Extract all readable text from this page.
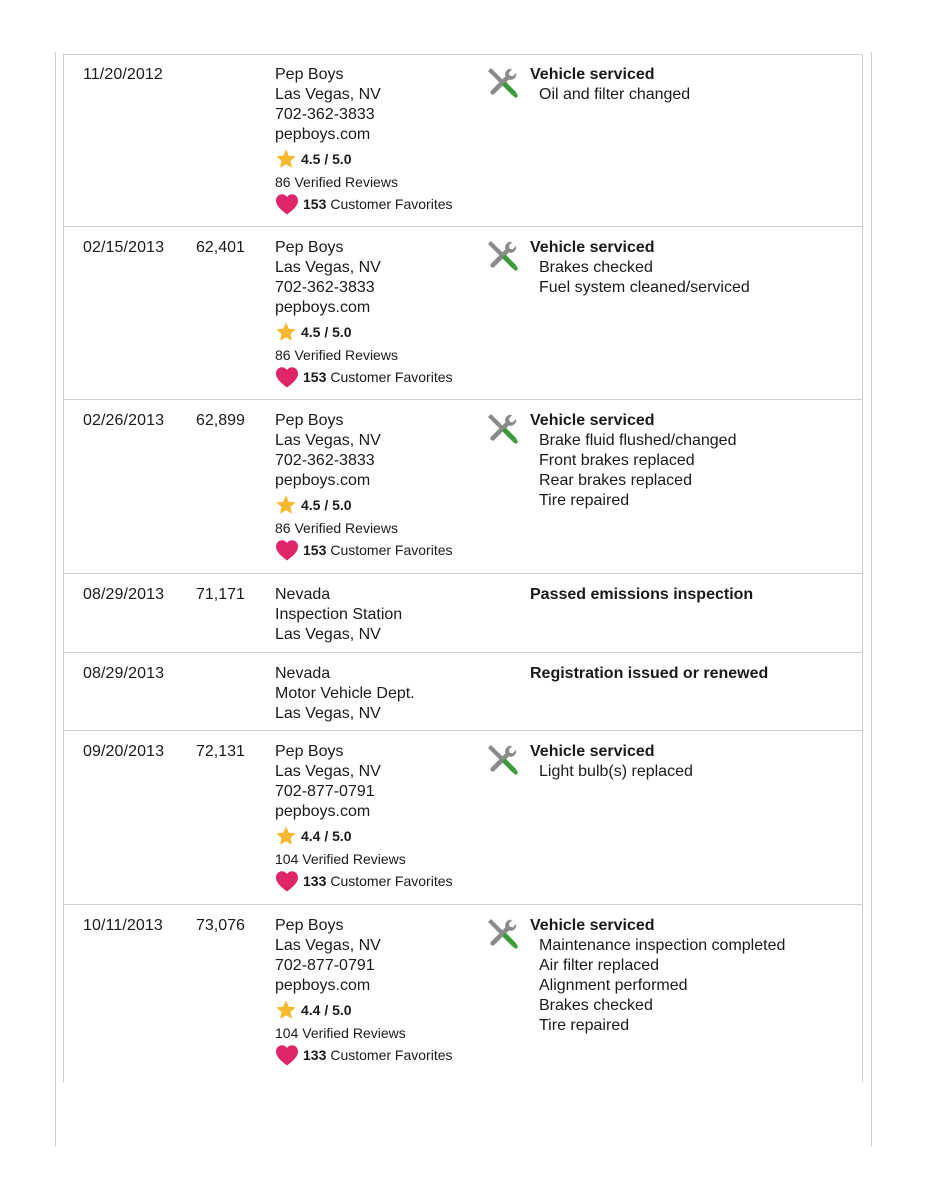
11/20/2012	Pep Boys
Las Vegas, NV
702-362-3833
pepboys.com
4.5 / 5.0
86 Verified Reviews
153 Customer Favorites
Vehicle serviced
Oil and filter changed
02/15/2013 62,401 Pep Boys
Las Vegas, NV
702-362-3833
pepboys.com
4.5 / 5.0
86 Verified Reviews
153 Customer Favorites
Vehicle serviced
Brakes checked
Fuel system cleaned/serviced
02/26/2013 62,899 Pep Boys
Las Vegas, NV
702-362-3833
pepboys.com
4.5 / 5.0
86 Verified Reviews
153 Customer Favorites
Vehicle serviced
Brake fluid flushed/changed
Front brakes replaced
Rear brakes replaced
Tire repaired
08/29/2013 71,171 Nevada
Inspection Station
Las Vegas, NV
Passed emissions inspection
08/29/2013	Nevada
Motor Vehicle Dept.
Las Vegas, NV
Registration issued or renewed
09/20/2013 72,131 Pep Boys
Las Vegas, NV
702-877-0791
pepboys.com
4.4 / 5.0
104 Verified Reviews
133 Customer Favorites
Vehicle serviced
Light bulb(s) replaced
10/11/2013 73,076 Pep Boys
Las Vegas, NV
702-877-0791
pepboys.com
4.4 / 5.0
104 Verified Reviews
133 Customer Favorites
Vehicle serviced
Maintenance inspection completed
Air filter replaced
Alignment performed
Brakes checked
Tire repaired
